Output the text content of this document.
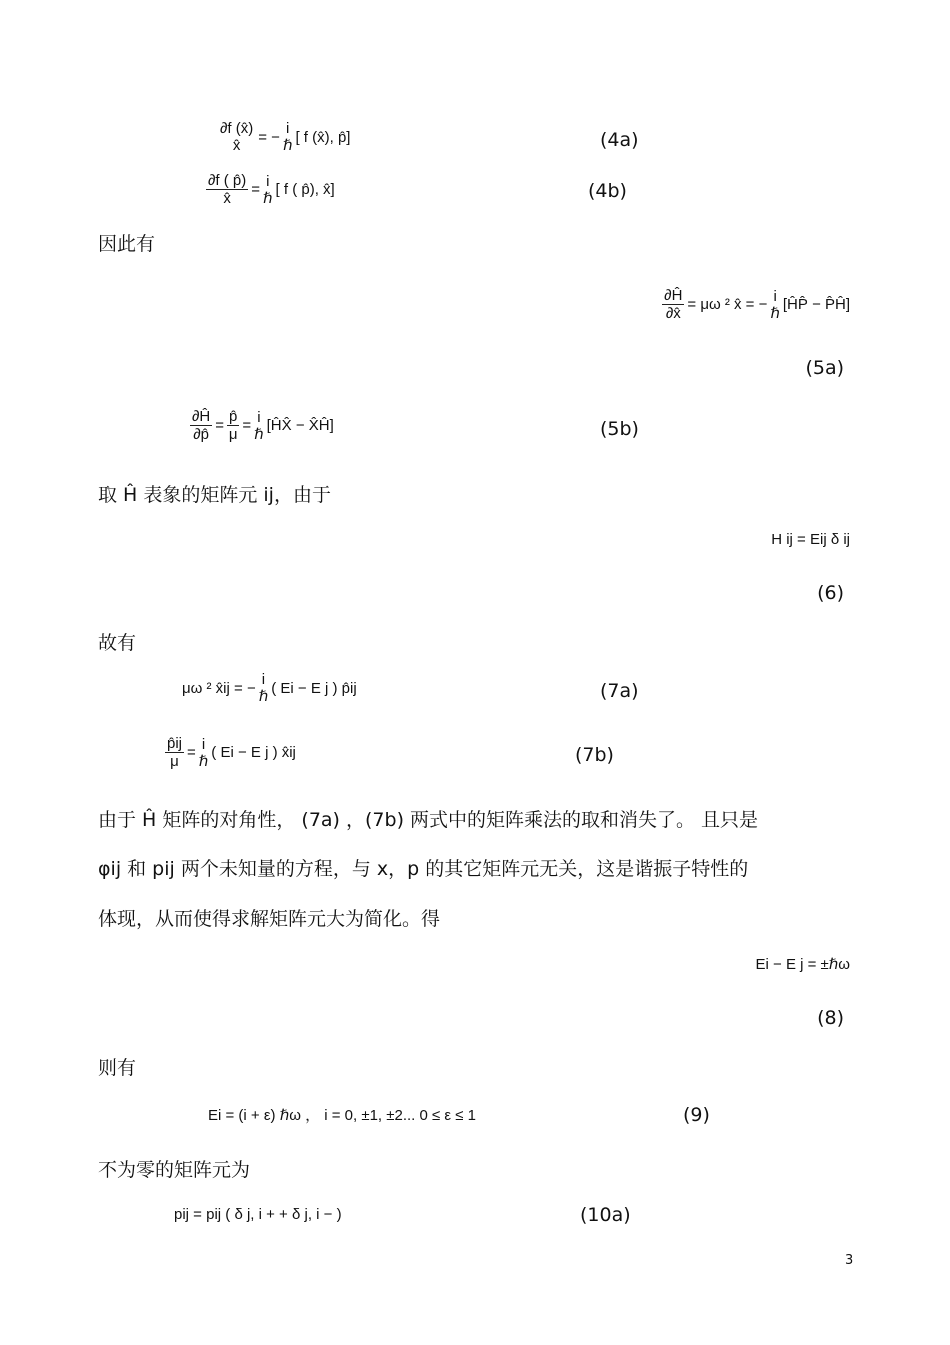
∂f (x̂)
x̂	= − i
ℏ [ f (x̂), p̂]	(4a)
$\frac{\partial f ( p̂)}{x̂} = i$
ℏ [ f ( p̂), x̂]	(4b)
因此有
$\frac{\partial Ĥ}{\partial x̂} = \mu\omega$ ² x̂ = − i
ℏ [ĤP̂ − P̂Ĥ]
(5a)
$\frac{\partial Ĥ}{\partial p̂} = \frac{p̂}{\mu} = i$
ℏ [ĤX̂ − X̂Ĥ]	(5b)
取 Ĥ 表象的矩阵元 ij，由于
H ij = Eij δ ij
(6)
故有
μω ² x̂ij = − i
ℏ ( Ei − E j ) p̂ij	(7a)
$\frac{p̂ij}{\mu} = i$
ℏ ( Ei − E j ) x̂ij	(7b)
由于 Ĥ 矩阵的对角性， (7a) ，(7b) 两式中的矩阵乘法的取和消失了。 且只是
φij 和 pij 两个未知量的方程，与 x，p 的其它矩阵元无关，这是谐振子特性的
体现，从而使得求解矩阵元大为简化。得
Ei − E j = ±ℏω
(8)
则有
Ei = (i + ε) ℏω ， i = 0, ±1, ±2... 0 ≤ ε ≤ 1	(9)
不为零的矩阵元为
pij = pij ( δ j, i + + δ j, i − )	(10a)
3
